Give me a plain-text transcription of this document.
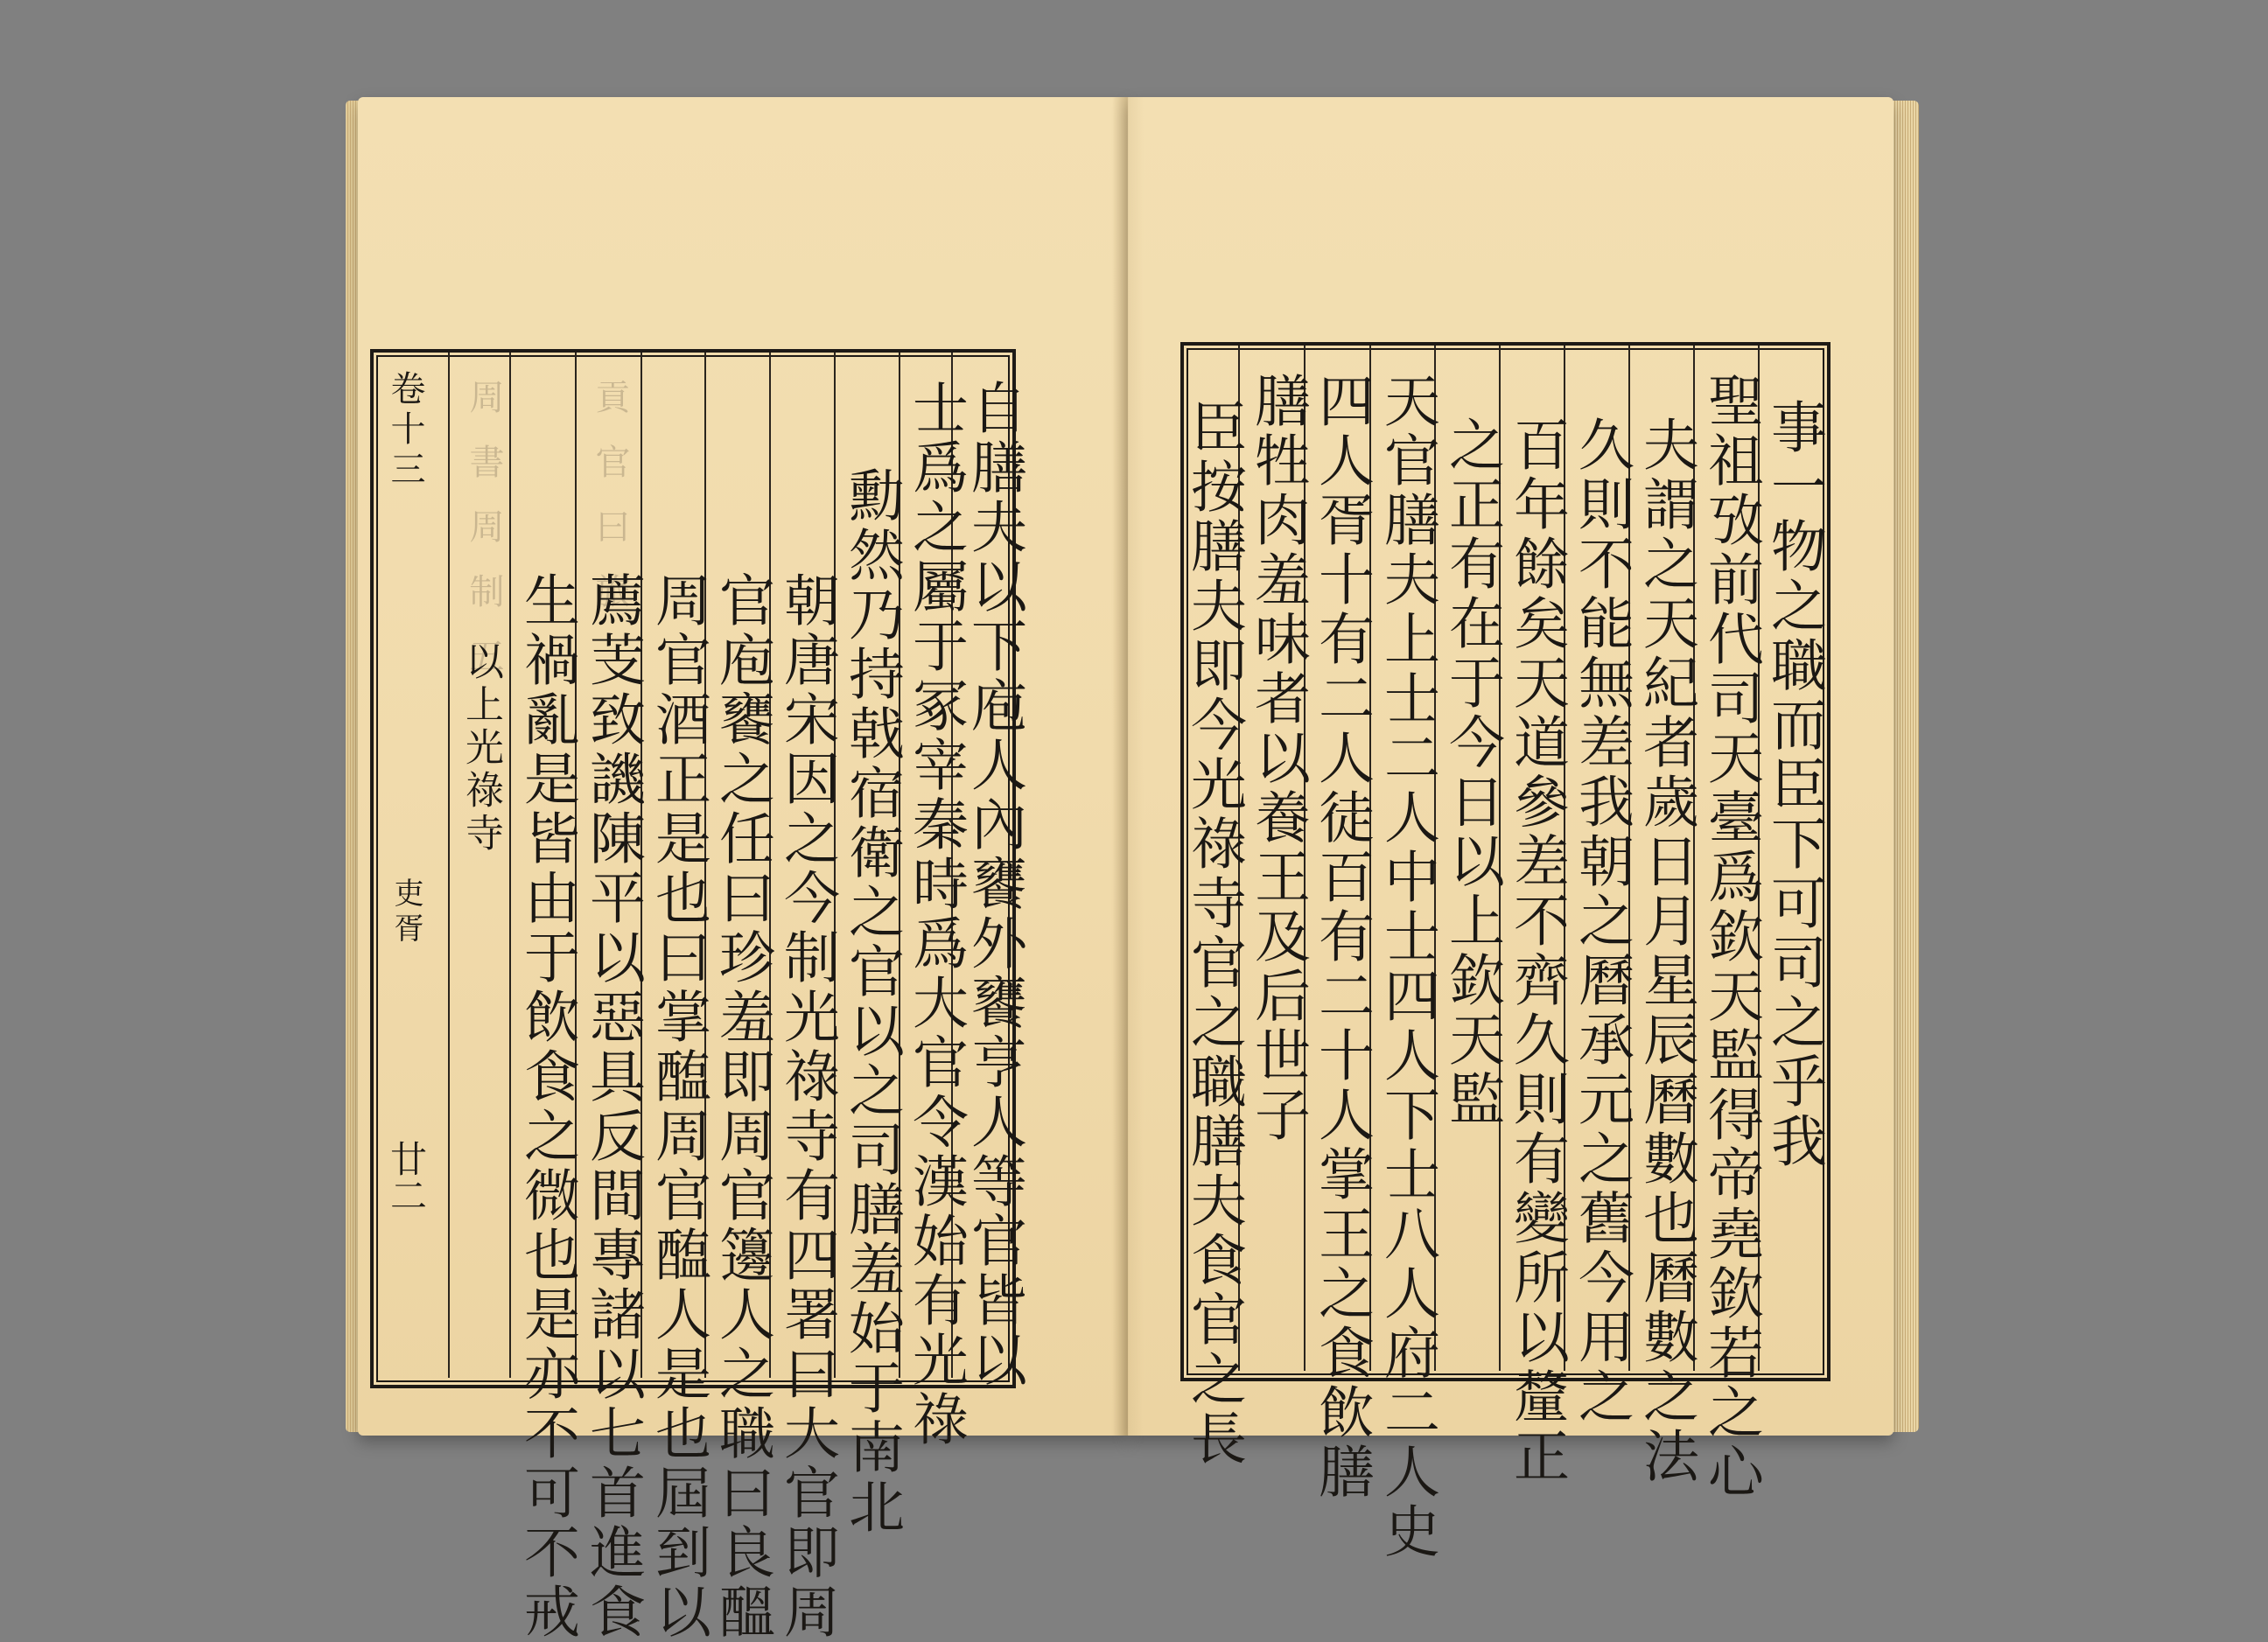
卷十三
吏胥
廿二
周書周制五 貢官曰旅	自膳夫以下庖人內饔外饔亨人等官皆以
士爲之屬于冢宰秦時爲大官令漢始有光祿
勳然乃持戟宿衛之官以之司膳羞始于南北
朝唐宋因之今制光祿寺有四署曰大官即周
官庖饔之任曰珍羞即周官籩人之職曰良醞
周官酒正是也曰掌醢周官醢人是也屆到以
薦芰致譏陳平以惡具反間專諸以七首進食
生禍亂是皆由于飲食之微也是亦不可不戒
以上光祿寺	事一物之職而臣下可司之乎我
聖祖攷前代司天臺爲欽天監得帝堯欽若之心
夫謂之天紀者歲日月星辰曆數也曆數之法
久則不能無差我朝之曆承元之舊今用之
百年餘矣天道參差不齊久則有變所以釐正
之正有在于今日以上欽天監
天官膳夫上士二人中士四人下士八人府二人史
四人胥十有二人徒百有二十人掌王之食飲膳
膳牲肉羞味者以養王及后世子
臣按膳夫即今光祿寺官之職膳夫食官之長
